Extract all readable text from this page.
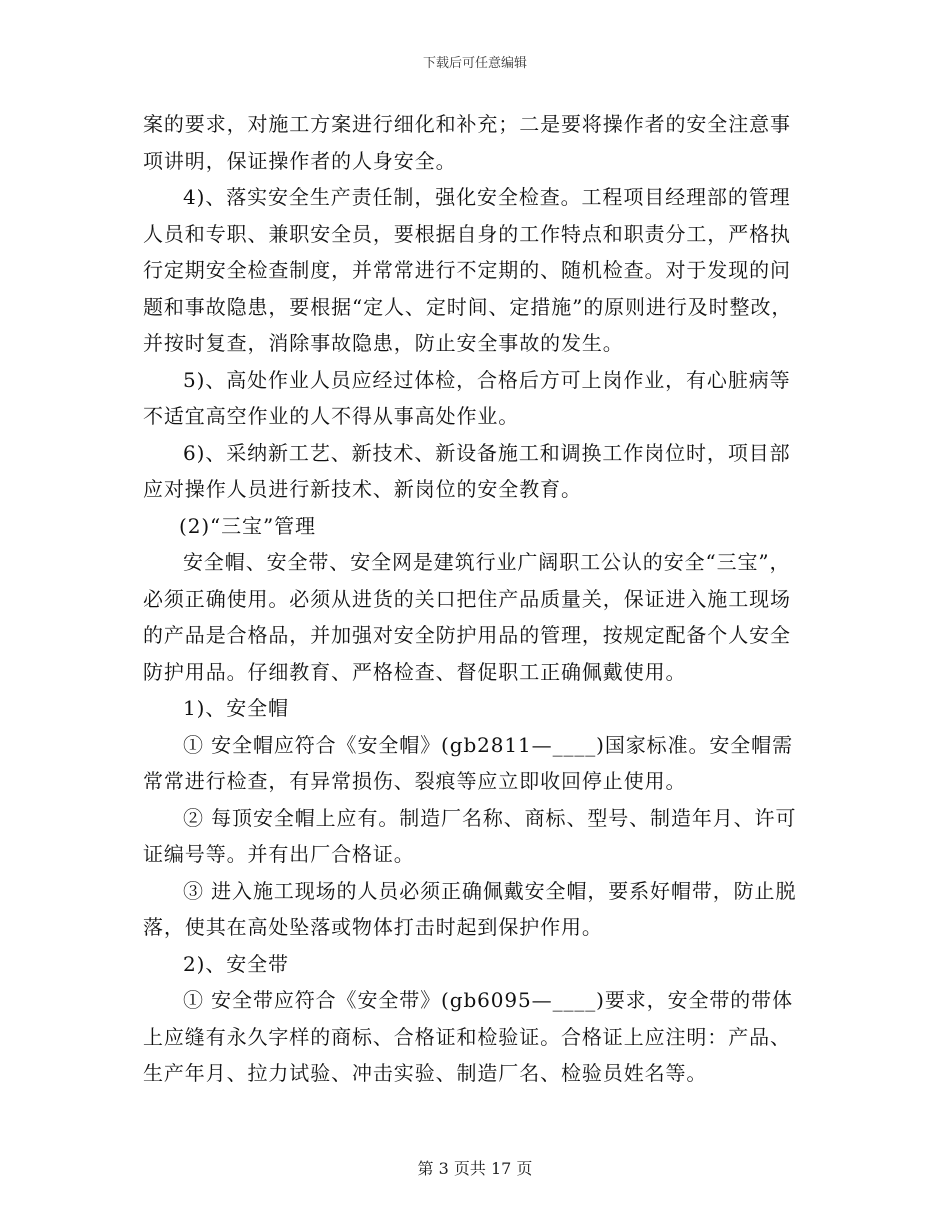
下载后可任意编辑

案的要求，对施工方案进行细化和补充；二是要将操作者的安全注意事项讲明，保证操作者的人身安全。

4)、落实安全生产责任制，强化安全检查。工程项目经理部的管理人员和专职、兼职安全员，要根据自身的工作特点和职责分工，严格执行定期安全检查制度，并常常进行不定期的、随机检查。对于发现的问题和事故隐患，要根据“定人、定时间、定措施”的原则进行及时整改，并按时复查，消除事故隐患，防止安全事故的发生。

5)、高处作业人员应经过体检，合格后方可上岗作业，有心脏病等不适宜高空作业的人不得从事高处作业。

6)、采纳新工艺、新技术、新设备施工和调换工作岗位时，项目部应对操作人员进行新技术、新岗位的安全教育。

(2)“三宝”管理

安全帽、安全带、安全网是建筑行业广阔职工公认的安全“三宝”，必须正确使用。必须从进货的关口把住产品质量关，保证进入施工现场的产品是合格品，并加强对安全防护用品的管理，按规定配备个人安全防护用品。仔细教育、严格检查、督促职工正确佩戴使用。

1)、安全帽

① 安全帽应符合《安全帽》(gb2811—____)国家标准。安全帽需常常进行检查，有异常损伤、裂痕等应立即收回停止使用。

② 每顶安全帽上应有。制造厂名称、商标、型号、制造年月、许可证编号等。并有出厂合格证。

③ 进入施工现场的人员必须正确佩戴安全帽，要系好帽带，防止脱落，使其在高处坠落或物体打击时起到保护作用。

2)、安全带

① 安全带应符合《安全带》(gb6095—____)要求，安全带的带体上应缝有永久字样的商标、合格证和检验证。合格证上应注明：产品、生产年月、拉力试验、冲击实验、制造厂名、检验员姓名等。

第 3 页共 17 页
